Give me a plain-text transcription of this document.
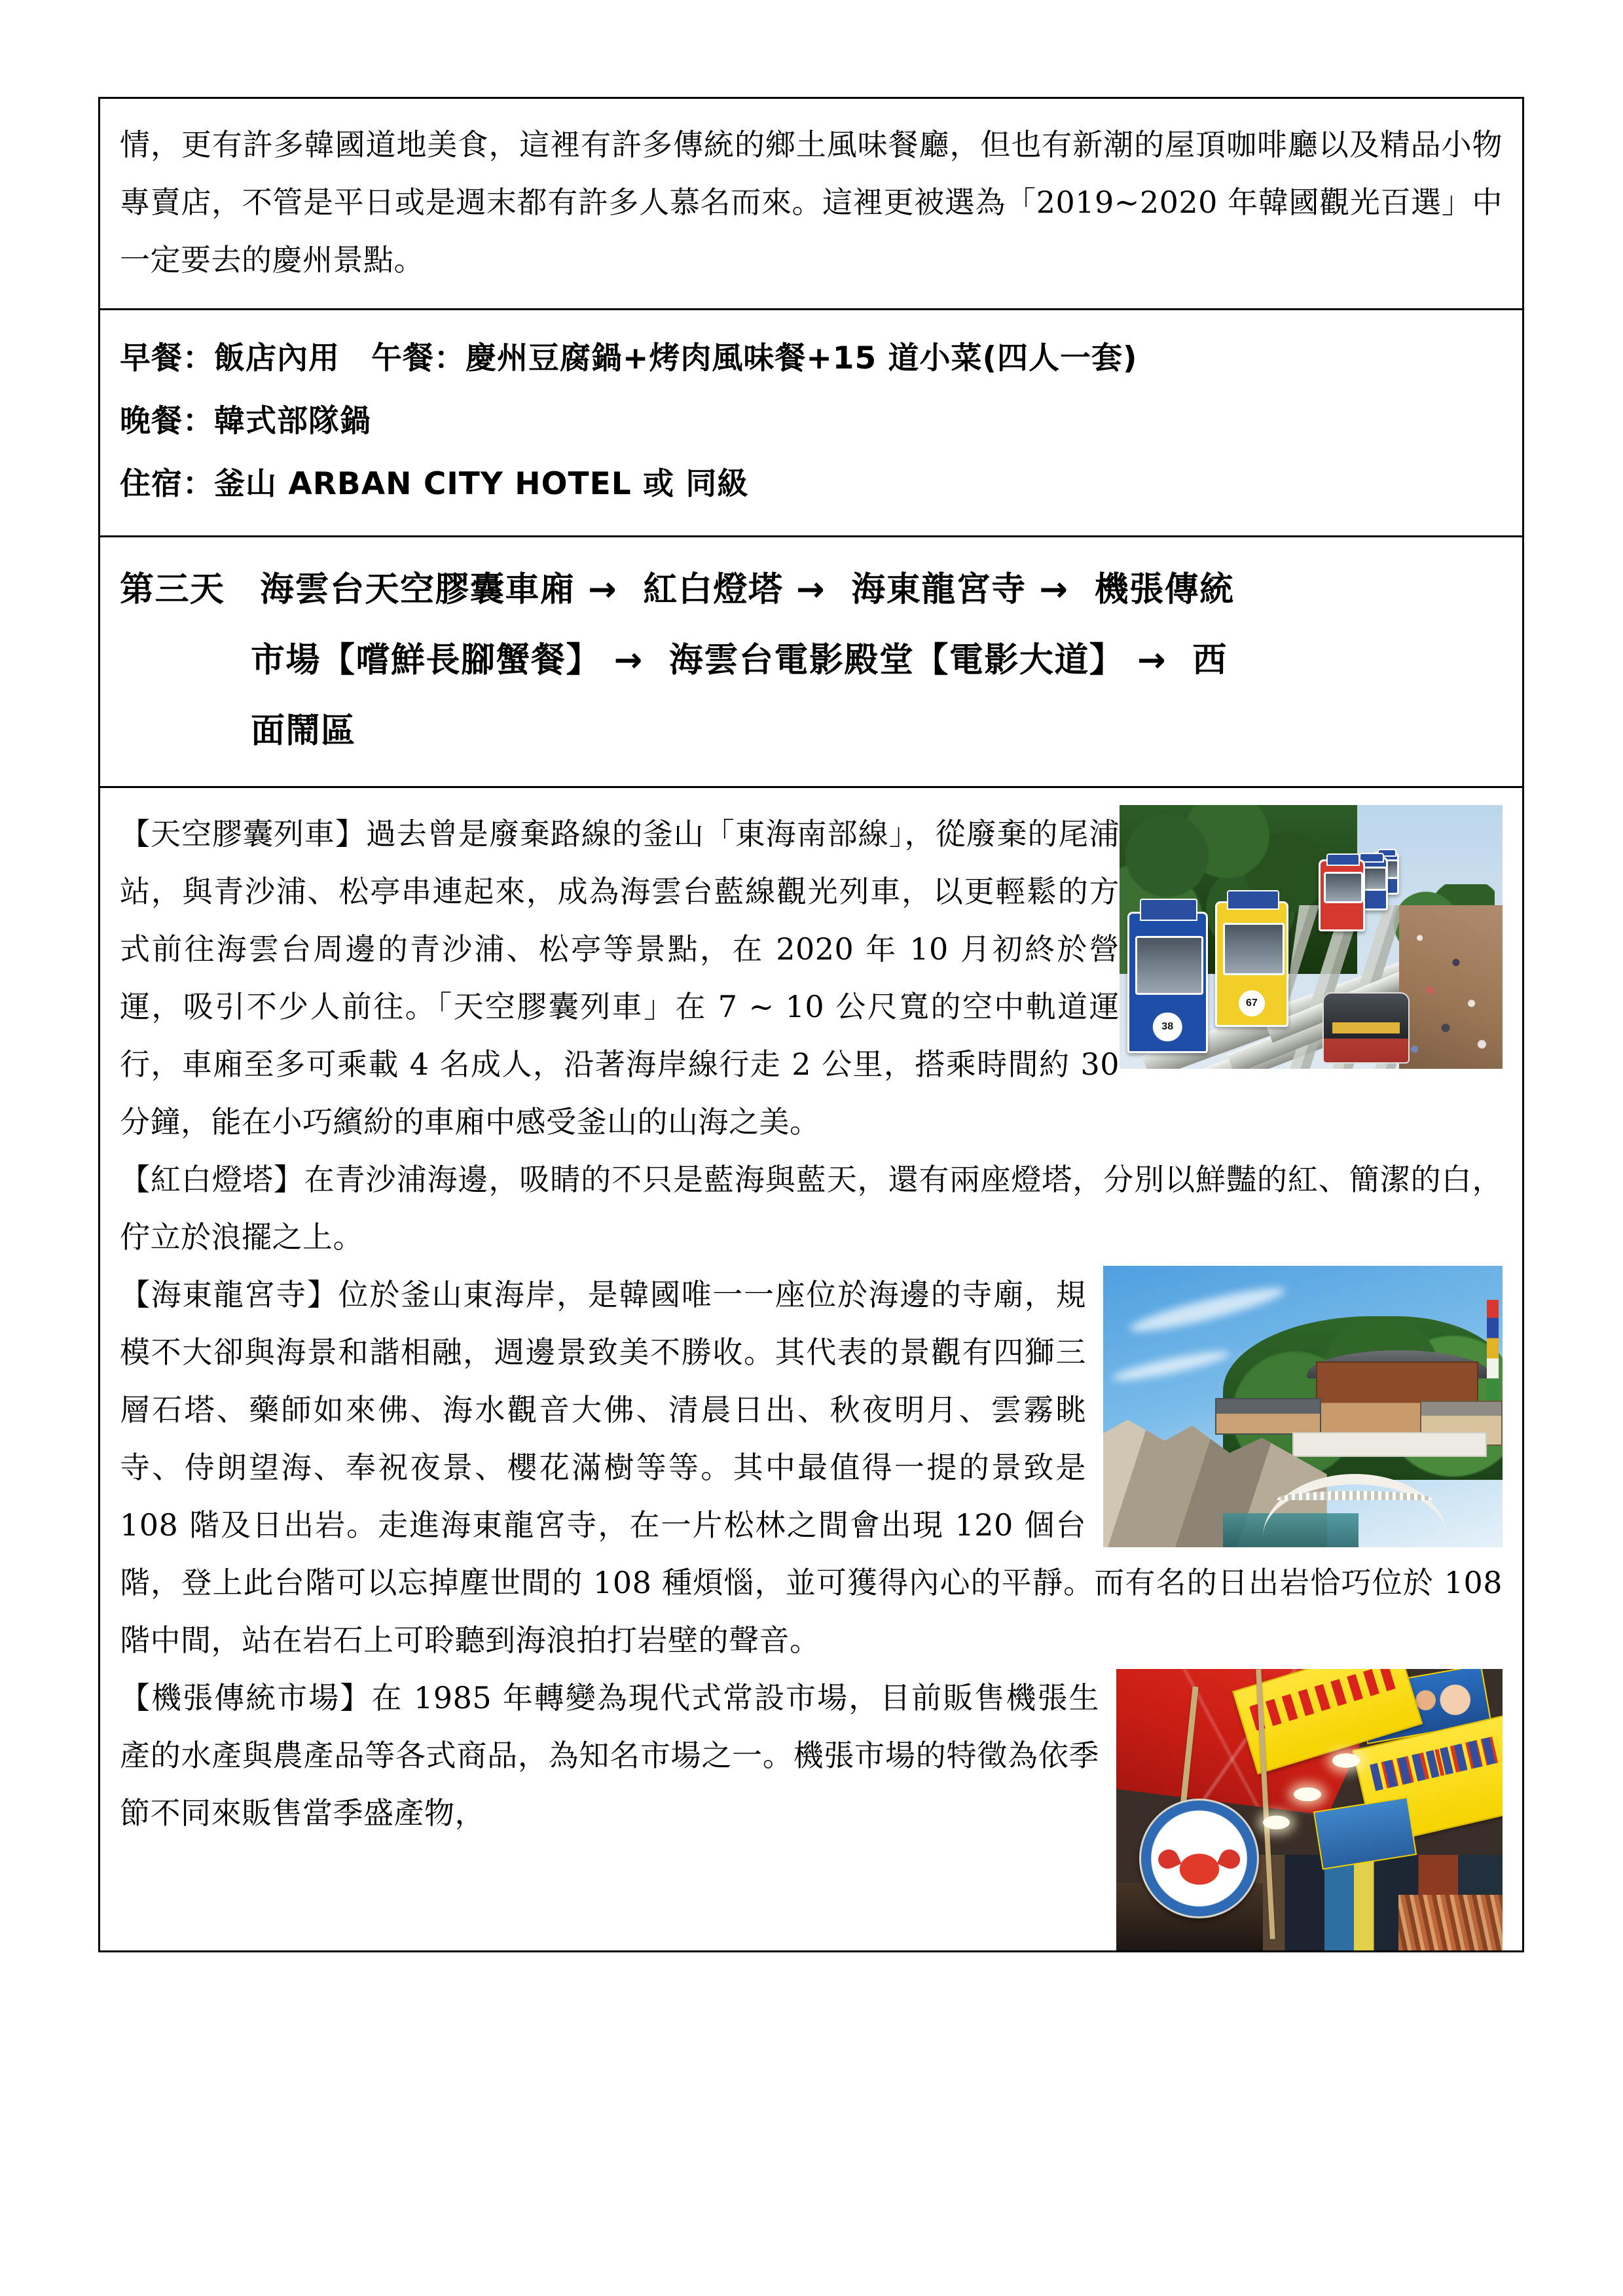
情，更有許多韓國道地美食，這裡有許多傳統的鄉土風味餐廳，但也有新潮的屋頂咖啡廳以及精品小物專賣店，不管是平日或是週末都有許多人慕名而來。這裡更被選為「2019~2020 年韓國觀光百選」中一定要去的慶州景點。

早餐：飯店內用　午餐：慶州豆腐鍋+烤肉風味餐+15 道小菜(四人一套)

晚餐：韓式部隊鍋

住宿：釜山 ARBAN CITY HOTEL 或 同級

第三天　 海雲台天空膠囊車廂 →  紅白燈塔 →  海東龍宮寺 →  機張傳統
市場【嚐鮮長腳蟹餐】 →  海雲台電影殿堂【電影大道】 →  西
面鬧區
67
38

【天空膠囊列車】過去曾是廢棄路線的釜山「東海南部線」，從廢棄的尾浦站，與青沙浦、松亭串連起來，成為海雲台藍線觀光列車，以更輕鬆的方式前往海雲台周邊的青沙浦、松亭等景點，在 2020 年 10 月初終於營運，吸引不少人前往。「天空膠囊列車」在 7 ~ 10 公尺寬的空中軌道運行，車廂至多可乘載 4 名成人，沿著海岸線行走 2 公里，搭乘時間約 30 分鐘，能在小巧繽紛的車廂中感受釜山的山海之美。

【紅白燈塔】在青沙浦海邊，吸睛的不只是藍海與藍天，還有兩座燈塔，分別以鮮豔的紅、簡潔的白，佇立於浪擺之上。

【海東龍宮寺】位於釜山東海岸，是韓國唯一一座位於海邊的寺廟，規模不大卻與海景和諧相融，週邊景致美不勝收。其代表的景觀有四獅三層石塔、藥師如來佛、海水觀音大佛、清晨日出、秋夜明月、雲霧眺寺、侍朗望海、奉祝夜景、櫻花滿樹等等。其中最值得一提的景致是 108 階及日出岩。走進海東龍宮寺，在一片松林之間會出現 120 個台階，登上此台階可以忘掉塵世間的 108 種煩惱，並可獲得內心的平靜。而有名的日出岩恰巧位於 108 階中間，站在岩石上可聆聽到海浪拍打岩壁的聲音。

【機張傳統市場】在 1985 年轉變為現代式常設市場，目前販售機張生產的水產與農產品等各式商品，為知名市場之一。機張市場的特徵為依季節不同來販售當季盛產物，
